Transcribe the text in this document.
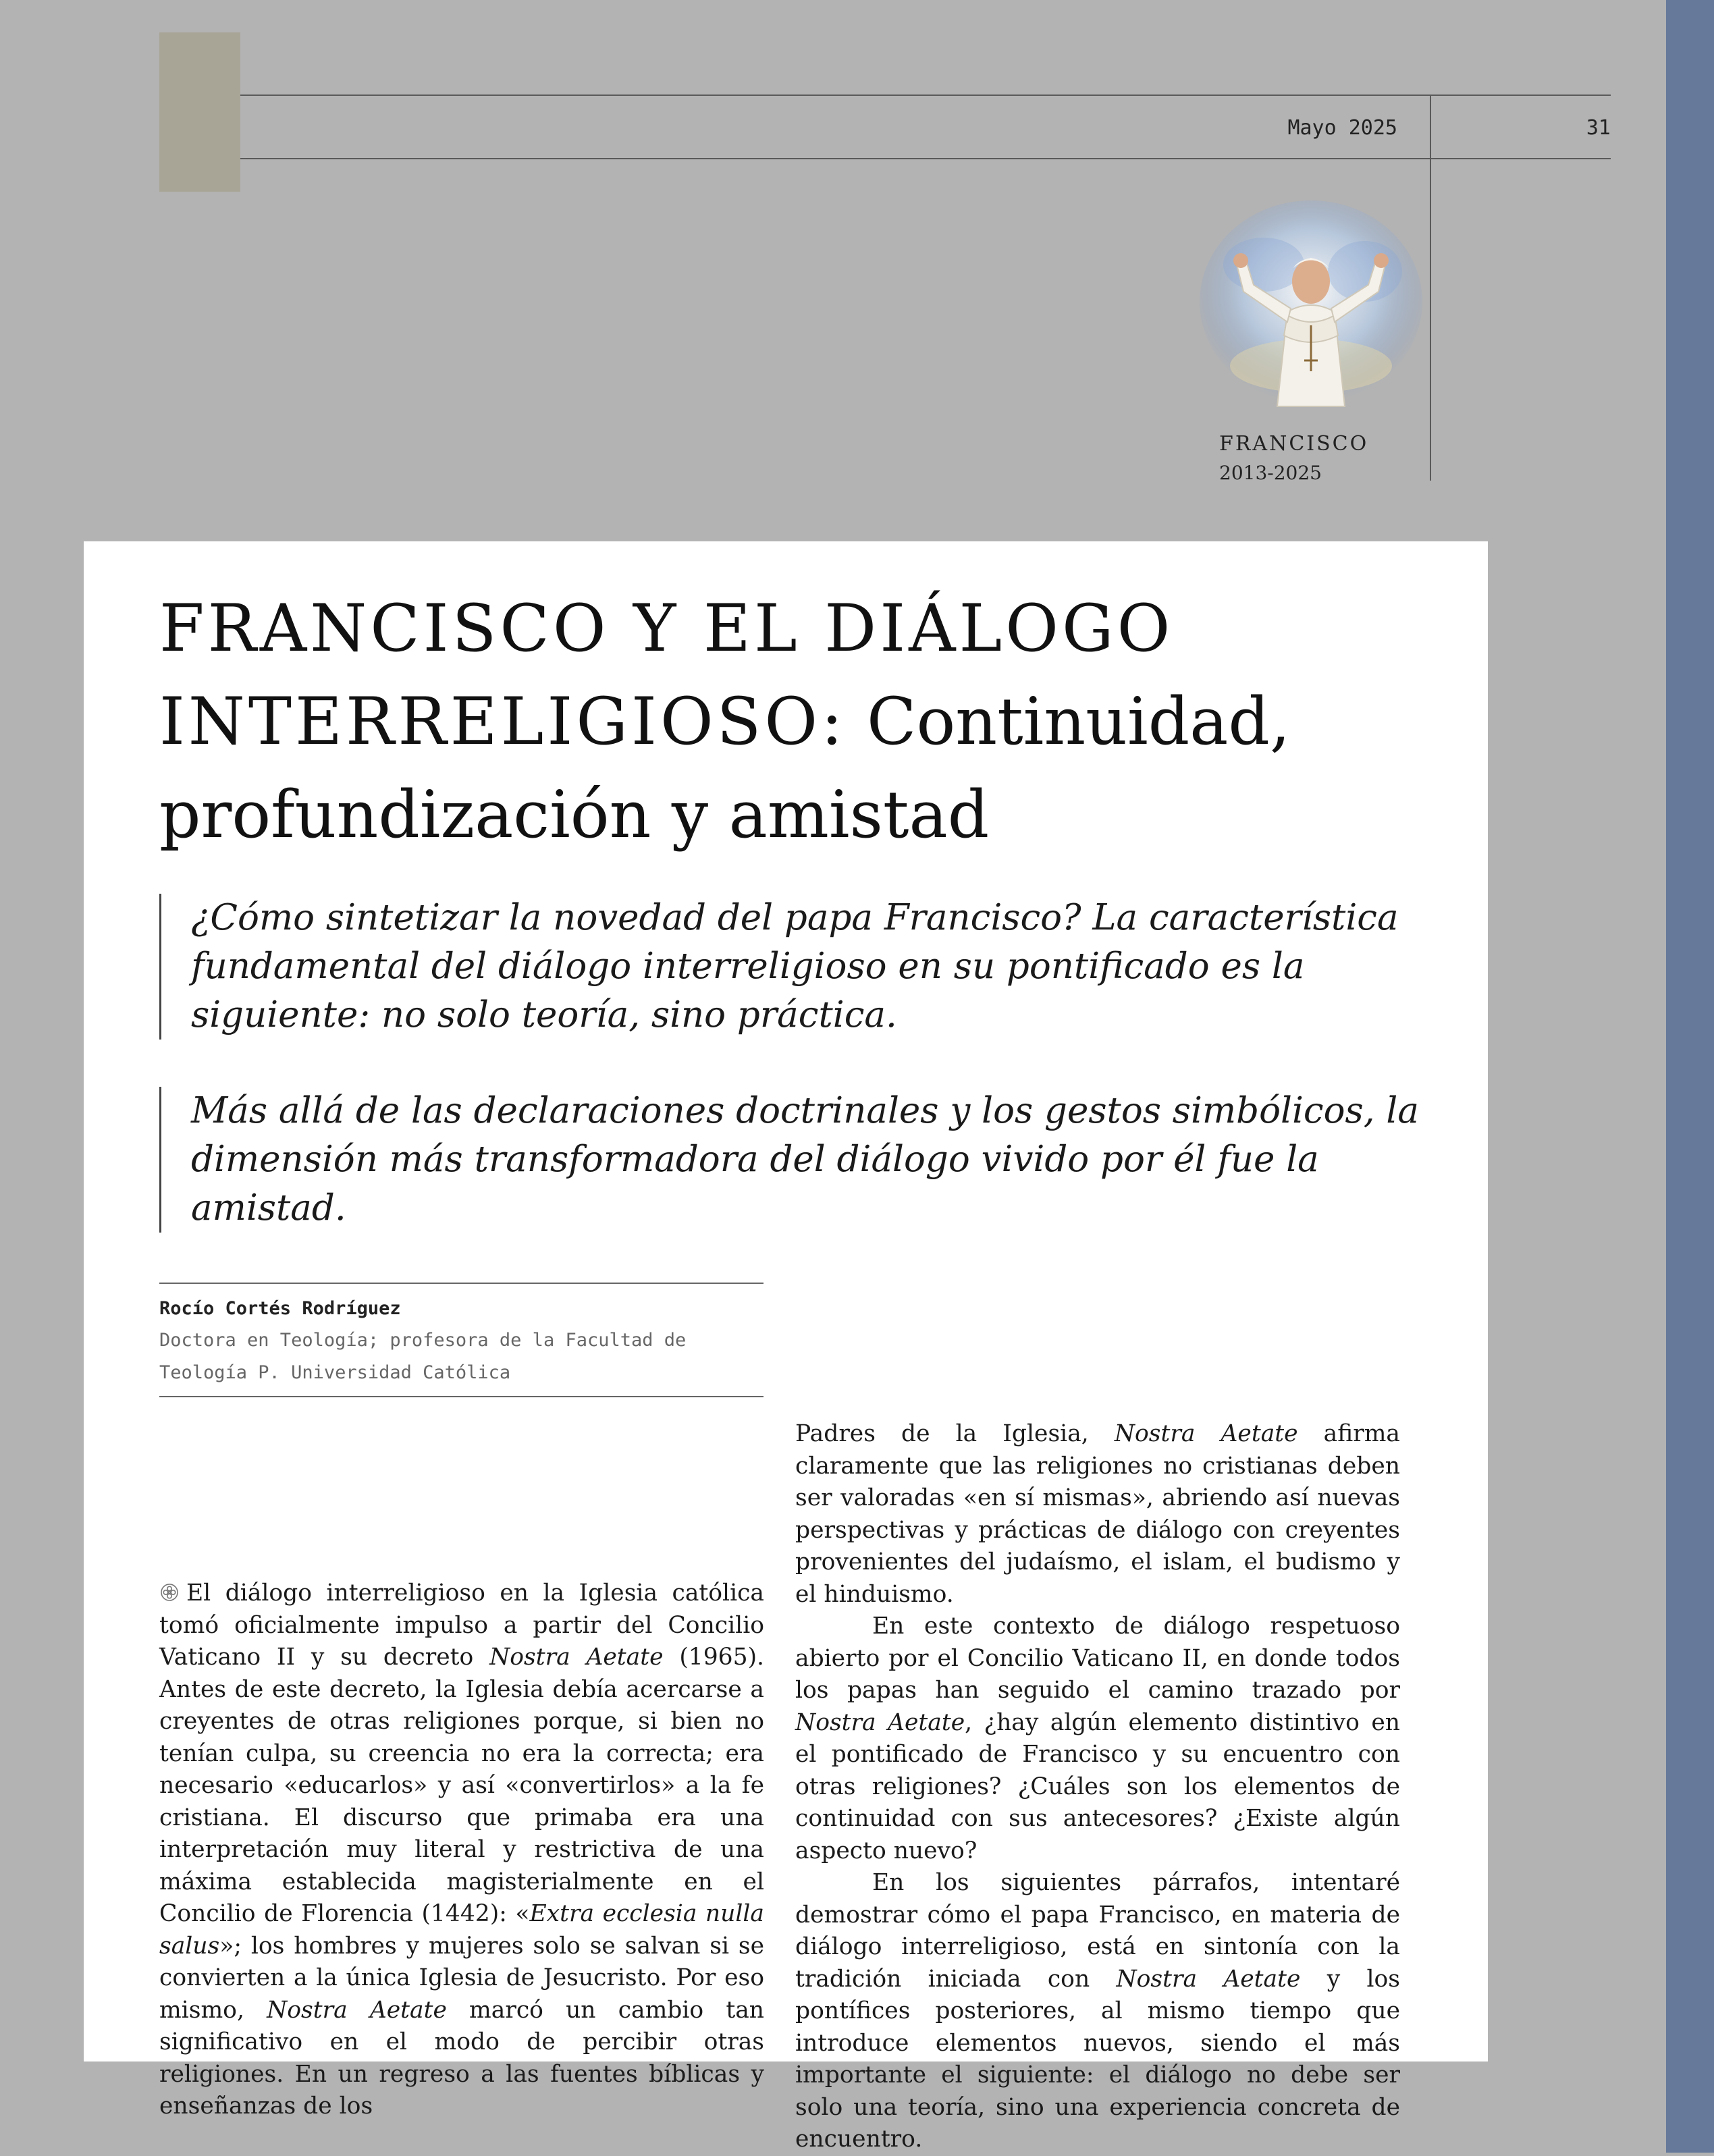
Mayo 2025	31
FRANCISCO
2013-2025
FRANCISCO Y EL DIÁLOGO
INTERRELIGIOSO: Continuidad,
profundización y amistad
¿Cómo sintetizar la novedad del papa Francisco? La característica fundamental del diálogo interreligioso en su pontificado es la siguiente: no solo teoría, sino práctica.
Más allá de las declaraciones doctrinales y los gestos simbólicos, la dimensión más transformadora del diálogo vivido por él fue la amistad.
Rocío Cortés Rodríguez
Doctora en Teología; profesora de la Facultad de Teología P. Universidad Católica

El diálogo interreligioso en la Iglesia católica tomó oficialmente impulso a partir del Concilio Vaticano II y su decreto Nostra Aetate (1965). Antes de este decreto, la Iglesia debía acercarse a creyentes de otras religiones porque, si bien no tenían culpa, su creencia no era la correcta; era necesario «educarlos» y así «convertirlos» a la fe cristiana. El discurso que primaba era una interpretación muy literal y restrictiva de una máxima establecida magisterialmente en el Concilio de Florencia (1442): «Extra ecclesia nulla salus»; los hombres y mujeres solo se salvan si se convierten a la única Iglesia de Jesucristo. Por eso mismo, Nostra Aetate marcó un cambio tan significativo en el modo de percibir otras religiones. En un regreso a las fuentes bíblicas y enseñanzas de los

Padres de la Iglesia, Nostra Aetate afirma claramente que las religiones no cristianas deben ser valoradas «en sí mismas», abriendo así nuevas perspectivas y prácticas de diálogo con creyentes provenientes del judaísmo, el islam, el budismo y el hinduismo.

En este contexto de diálogo respetuoso abierto por el Concilio Vaticano II, en donde todos los papas han seguido el camino trazado por Nostra Aetate, ¿hay algún elemento distintivo en el pontificado de Francisco y su encuentro con otras religiones? ¿Cuáles son los elementos de continuidad con sus antecesores? ¿Existe algún aspecto nuevo?

En los siguientes párrafos, intentaré demostrar cómo el papa Francisco, en materia de diálogo interreligioso, está en sintonía con la tradición iniciada con Nostra Aetate y los pontífices posteriores, al mismo tiempo que introduce elementos nuevos, siendo el más importante el siguiente: el diálogo no debe ser solo una teoría, sino una experiencia concreta de encuentro.
